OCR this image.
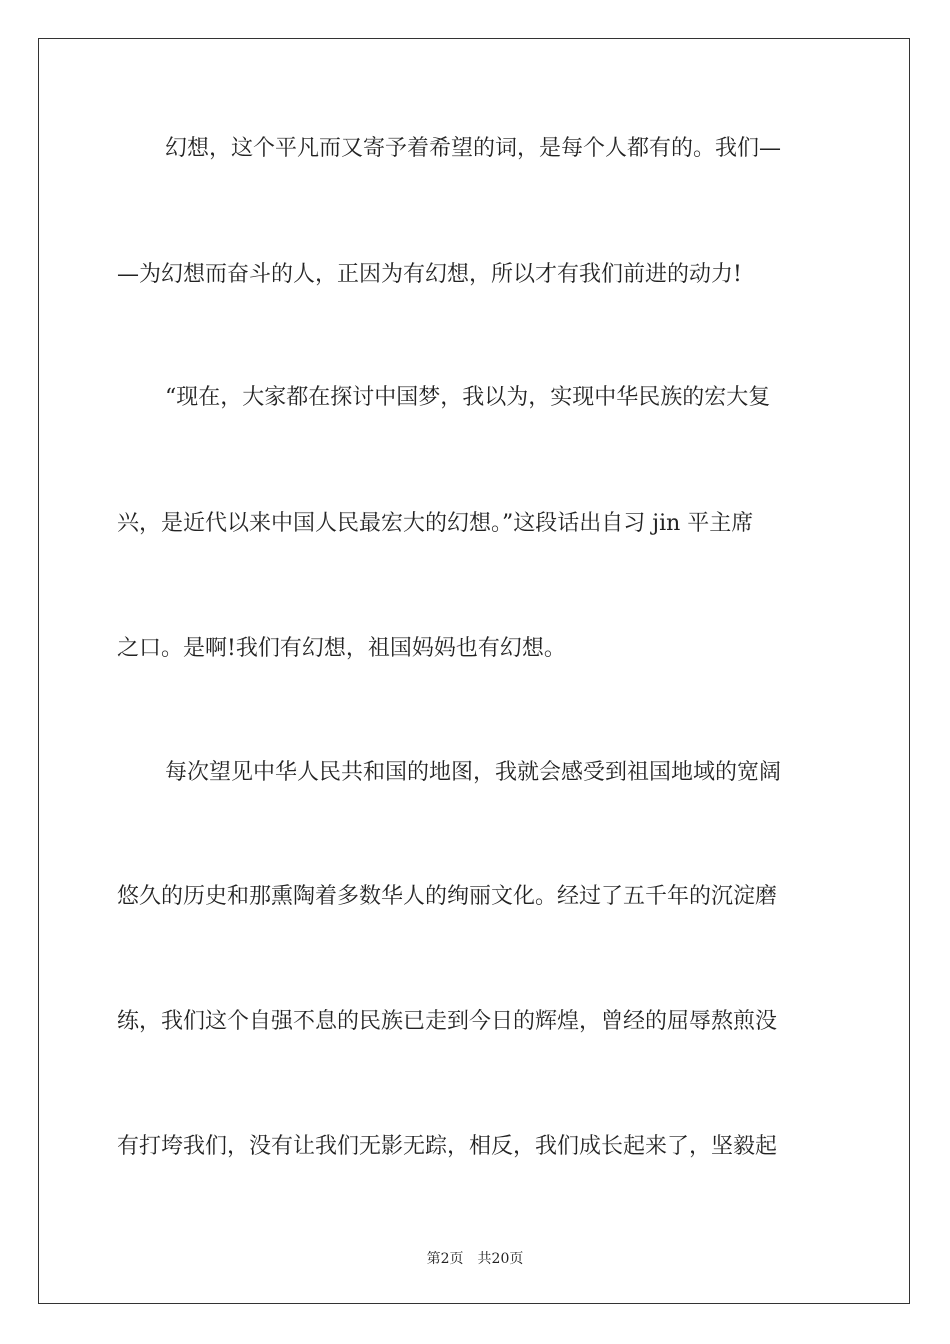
幻想，这个平凡而又寄予着希望的词，是每个人都有的。我们—
—为幻想而奋斗的人，正因为有幻想，所以才有我们前进的动力!
“现在，大家都在探讨中国梦，我以为，实现中华民族的宏大复
兴，是近代以来中国人民最宏大的幻想。”这段话出自习 jin 平主席
之口。是啊!我们有幻想，祖国妈妈也有幻想。
每次望见中华人民共和国的地图，我就会感受到祖国地域的宽阔
悠久的历史和那熏陶着多数华人的绚丽文化。经过了五千年的沉淀磨
练，我们这个自强不息的民族已走到今日的辉煌，曾经的屈辱熬煎没
有打垮我们，没有让我们无影无踪，相反，我们成长起来了，坚毅起
第2页 共20页
